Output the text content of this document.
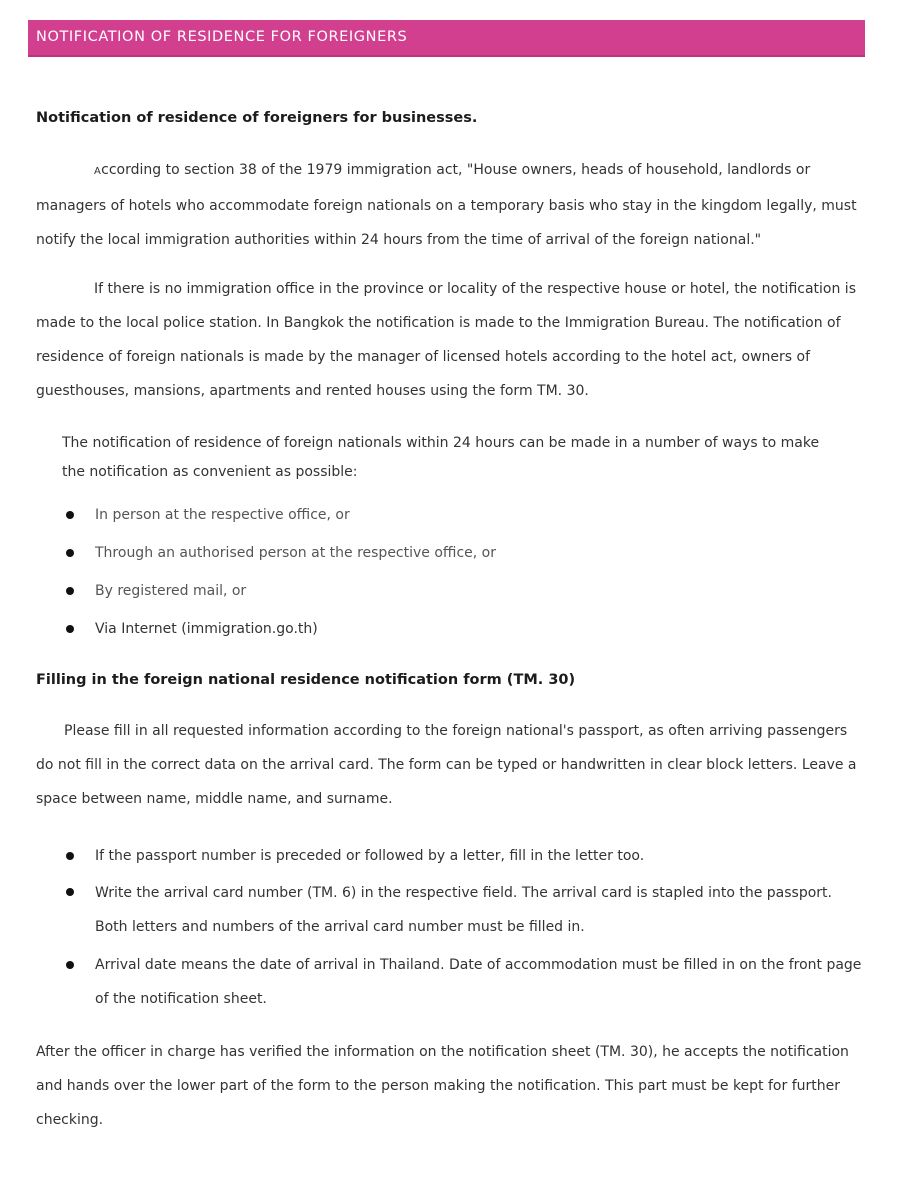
NOTIFICATION OF RESIDENCE FOR FOREIGNERS
Notification of residence of foreigners for businesses.

According to section 38 of the 1979 immigration act, "House owners, heads of household, landlords or managers of hotels who accommodate foreign nationals on a temporary basis who stay in the kingdom legally, must notify the local immigration authorities within 24 hours from the time of arrival of the foreign national."

If there is no immigration office in the province or locality of the respective house or hotel, the notification is made to the local police station. In Bangkok the notification is made to the Immigration Bureau. The notification of residence of foreign nationals is made by the manager of licensed hotels according to the hotel act, owners of guesthouses, mansions, apartments and rented houses using the form TM. 30.

The notification of residence of foreign nationals within 24 hours can be made in a number of ways to make the notification as convenient as possible:

In person at the respective office, or
Through an authorised person at the respective office, or
By registered mail, or
Via Internet (immigration.go.th)
Filling in the foreign national residence notification form (TM. 30)

Please fill in all requested information according to the foreign national's passport, as often arriving passengers do not fill in the correct data on the arrival card. The form can be typed or handwritten in clear block letters. Leave a space between name, middle name, and surname.

If the passport number is preceded or followed by a letter, fill in the letter too.

Write the arrival card number (TM. 6) in the respective field. The arrival card is stapled into the passport. Both letters and numbers of the arrival card number must be filled in.

Arrival date means the date of arrival in Thailand. Date of accommodation must be filled in on the front page of the notification sheet.

After the officer in charge has verified the information on the notification sheet (TM. 30), he accepts the notification and hands over the lower part of the form to the person making the notification. This part must be kept for further checking.
